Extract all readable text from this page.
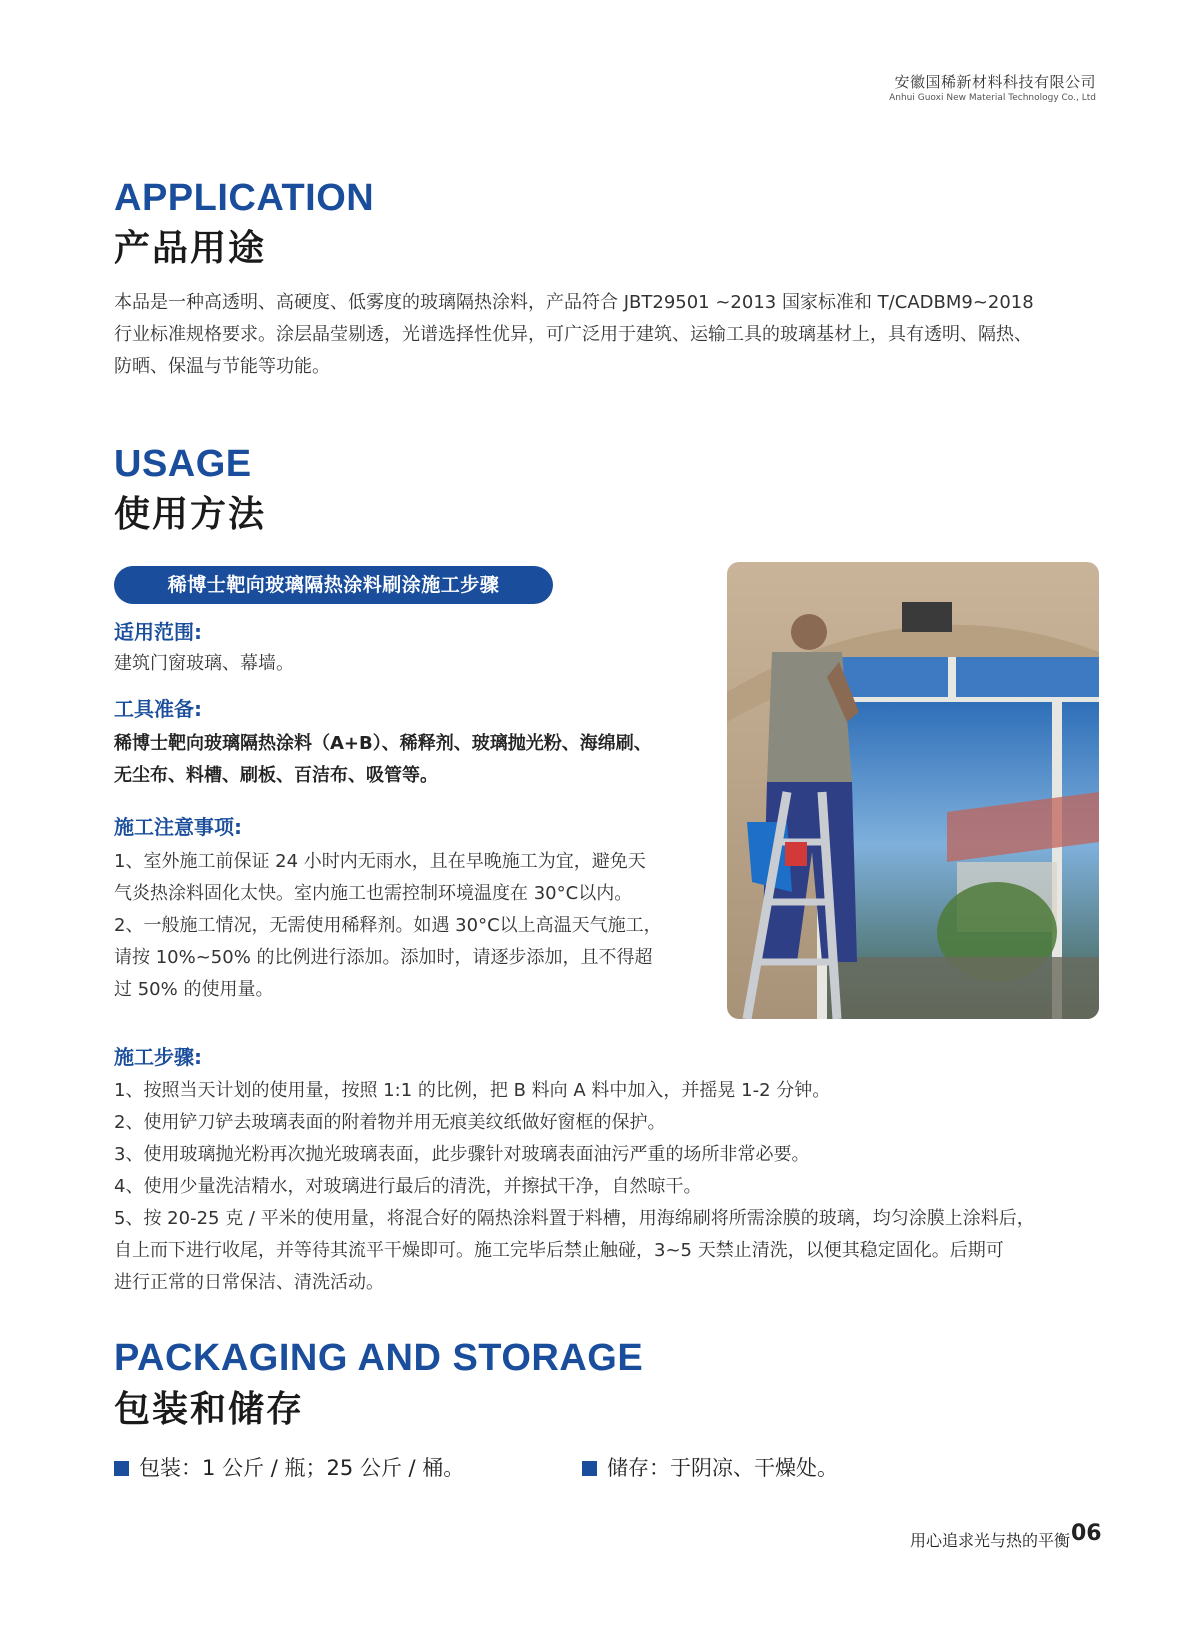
安徽国稀新材料科技有限公司
Anhui Guoxi New Material Technology Co., Ltd
APPLICATION
产品用途

本品是一种高透明、高硬度、低雾度的玻璃隔热涂料，产品符合 JBT29501 ~2013 国家标准和 T/CADBM9~2018

行业标准规格要求。涂层晶莹剔透，光谱选择性优异，可广泛用于建筑、运输工具的玻璃基材上，具有透明、隔热、

防晒、保温与节能等功能。

USAGE
使用方法
稀博士靶向玻璃隔热涂料刷涂施工步骤
适用范围:
建筑门窗玻璃、幕墙。
工具准备:

稀博士靶向玻璃隔热涂料（A+B）、稀释剂、玻璃抛光粉、海绵刷、

无尘布、料槽、刷板、百洁布、吸管等。

施工注意事项:

1、室外施工前保证 24 小时内无雨水，且在早晚施工为宜，避免天

气炎热涂料固化太快。室内施工也需控制环境温度在 30°C以内。

2、一般施工情况，无需使用稀释剂。如遇 30°C以上高温天气施工，

请按 10%~50% 的比例进行添加。添加时，请逐步添加，且不得超

过 50% 的使用量。

施工步骤:

1、按照当天计划的使用量，按照 1:1 的比例，把 B 料向 A 料中加入，并摇晃 1-2 分钟。

2、使用铲刀铲去玻璃表面的附着物并用无痕美纹纸做好窗框的保护。

3、使用玻璃抛光粉再次抛光玻璃表面，此步骤针对玻璃表面油污严重的场所非常必要。

4、使用少量洗洁精水，对玻璃进行最后的清洗，并擦拭干净，自然晾干。

5、按 20-25 克 / 平米的使用量，将混合好的隔热涂料置于料槽，用海绵刷将所需涂膜的玻璃，均匀涂膜上涂料后，

自上而下进行收尾，并等待其流平干燥即可。施工完毕后禁止触碰，3~5 天禁止清洗，以便其稳定固化。后期可

进行正常的日常保洁、清洗活动。

PACKAGING AND STORAGE
包装和储存
包装：1 公斤 / 瓶；25 公斤 / 桶。	储存：于阴凉、干燥处。
用心追求光与热的平衡 06
